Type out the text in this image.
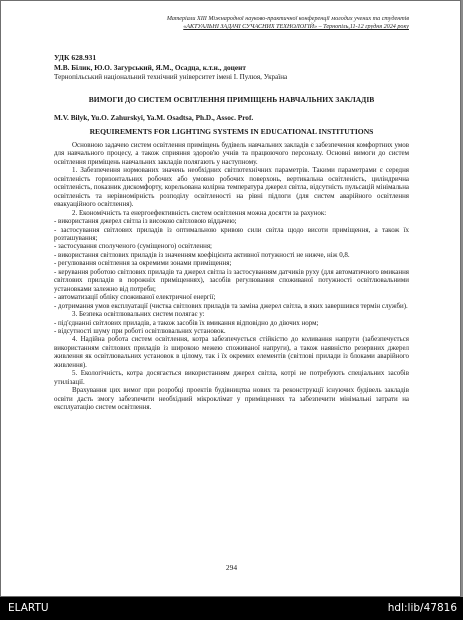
Матеріали XIII Міжнародної науково-практичної конференції молодих учених та студентів
«АКТУАЛЬНІ ЗАДАЧІ СУЧАСНИХ ТЕХНОЛОГІЙ» – Тернопіль,11-12 грудня 2024 року
УДК 628.931
М.В. Білик, Ю.О. Загурський, Я.М., Осадца, к.т.н., доцент
Тернопільський національний технічний університет імені І. Пулюя, Україна
ВИМОГИ ДО СИСТЕМ ОСВІТЛЕННЯ ПРИМІЩЕНЬ НАВЧАЛЬНИХ ЗАКЛАДІВ
M.V. Bilyk, Yu.O. Zahurskyi, Ya.M. Osadtsa, Ph.D., Assoc. Prof.
REQUIREMENTS FOR LIGHTING SYSTEMS IN EDUCATIONAL INSTITUTIONS

Основною задачею систем освітлення приміщень будівель навчальних закладів є забезпечення комфортних умов для навчального процесу, а також сприяння здоров'ю учнів та працюючого персоналу. Основні вимоги до систем освітлення приміщень навчальних закладів полягають у наступному.

1. Забезпечення нормованих значень необхідних світлотехнічних параметрів. Такими параметрами є середня освітленість горизонтальних робочих або умовно робочих поверхонь, вертикальна освітленість, циліндрична освітленість, показник дискомфорту, корельована колірна температура джерел світла, відсутність пульсацій мінімальна освітленість та нерівномірність розподілу освітленості на рівні підлоги (для систем аварійного освітлення евакуаційного освітлення).

2. Економічність та енергоефективність систем освітлення можна досягти за рахунок:

- використання джерел світла із високою світловою віддачею;

- застосування світлових приладів із оптимальною кривою сили світла щодо висоти приміщення, а також їх розташування;

- застосування сполученого (суміщеного) освітлення;

- використання світлових приладів із значенням коефіцієнта активної потужності не нижче, ніж 0,8.

- регулювання освітлення за окремими зонами приміщення;

- керування роботою світлових приладів та джерел світла із застосуванням датчиків руху (для автоматичного вмикання світлових приладів в порожніх приміщеннях), засобів регулювання споживаної потужності освітлювальними установками залежно від потреби;

- автоматизації обліку споживаної електричної енергії;

- дотримання умов експлуатації (чистка світлових приладів та заміна джерел світла, в яких завершився термін служби).

3. Безпека освітлювальних систем полягає у:

- під'єднанні світлових приладів, а також засобів їх вмикання відповідно до діючих норм;

- відсутності шуму при роботі освітлювальних установок.

4. Надійна робота систем освітлення, котра забезпечується стійкістю до коливання напруги (забезпечується використанням світлових приладів із широкою межею споживаної напруги), а також наявністю резервних джерел живлення як освітлювальних установок в цілому, так і їх окремих елементів (світлові прилади із блоками аварійного живлення).

5. Екологічність, котра досягається використанням джерел світла, котрі не потребують спеціальних засобів утилізації.

Врахування цих вимог при розробці проектів будівництва нових та реконструкції існуючих будівель закладів освіти дасть змогу забезпечити необхідний мікроклімат у приміщеннях та забезпечити мінімальні затрати на експлуатацію систем освітлення.

294
ELARTU	hdl:lib/47816
